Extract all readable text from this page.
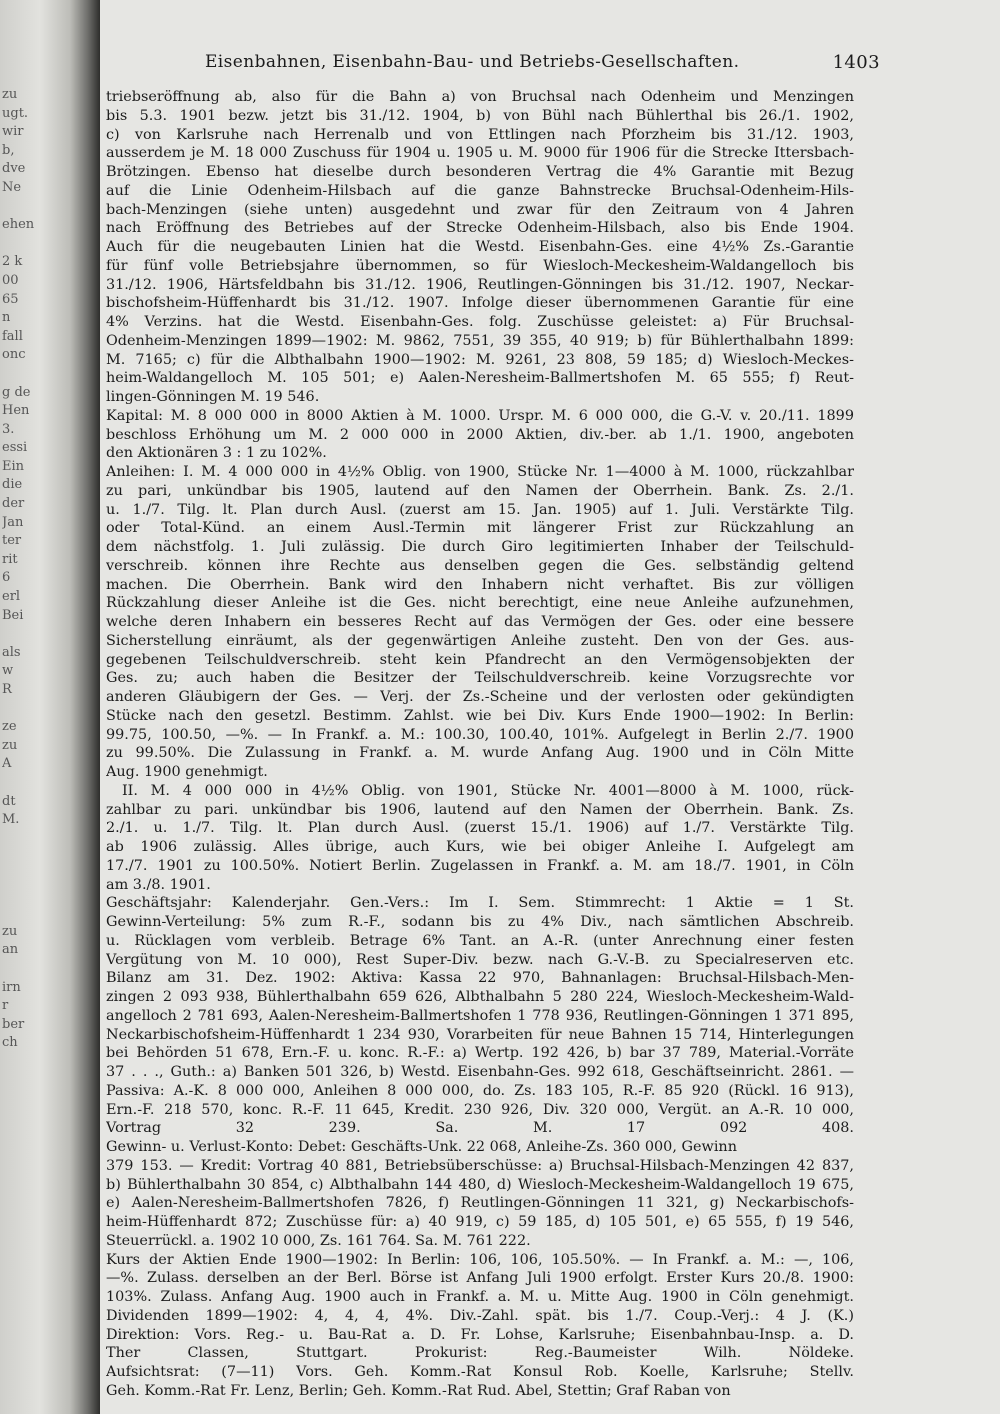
zu
ugt.
wir
b,
dve
Ne

ehen

2 k
00
65
n
fall
onc

g de
Hen
3.
essi
Ein
die
der
Jan
ter
rit
6
erl
Bei

als
w
R

ze
zu
A

dt
M.

zu
an

irn
r
ber
ch
Eisenbahnen, Eisenbahn-Bau- und Betriebs-Gesellschaften.	1403
triebseröffnung ab, also für die Bahn a) von Bruchsal nach Odenheim und Menzingen
bis 5.3. 1901 bezw. jetzt bis 31./12. 1904, b) von Bühl nach Bühlerthal bis 26./1. 1902,
c) von Karlsruhe nach Herrenalb und von Ettlingen nach Pforzheim bis 31./12. 1903,
ausserdem je M. 18 000 Zuschuss für 1904 u. 1905 u. M. 9000 für 1906 für die Strecke Ittersbach-
Brötzingen. Ebenso hat dieselbe durch besonderen Vertrag die 4% Garantie mit Bezug
auf die Linie Odenheim-Hilsbach auf die ganze Bahnstrecke Bruchsal-Odenheim-Hils-
bach-Menzingen (siehe unten) ausgedehnt und zwar für den Zeitraum von 4 Jahren
nach Eröffnung des Betriebes auf der Strecke Odenheim-Hilsbach, also bis Ende 1904.
Auch für die neugebauten Linien hat die Westd. Eisenbahn-Ges. eine 4½% Zs.-Garantie
für fünf volle Betriebsjahre übernommen, so für Wiesloch-Meckesheim-Waldangelloch bis
31./12. 1906, Härtsfeldbahn bis 31./12. 1906, Reutlingen-Gönningen bis 31./12. 1907, Neckar-
bischofsheim-Hüffenhardt bis 31./12. 1907. Infolge dieser übernommenen Garantie für eine
4% Verzins. hat die Westd. Eisenbahn-Ges. folg. Zuschüsse geleistet: a) Für Bruchsal-
Odenheim-Menzingen 1899—1902: M. 9862, 7551, 39 355, 40 919; b) für Bühlerthalbahn 1899:
M. 7165; c) für die Albthalbahn 1900—1902: M. 9261, 23 808, 59 185; d) Wiesloch-Meckes-
heim-Waldangelloch M. 105 501; e) Aalen-Neresheim-Ballmertshofen M. 65 555; f) Reut-
lingen-Gönningen M. 19 546.
Kapital: M. 8 000 000 in 8000 Aktien à M. 1000. Urspr. M. 6 000 000, die G.-V. v. 20./11. 1899
beschloss Erhöhung um M. 2 000 000 in 2000 Aktien, div.-ber. ab 1./1. 1900, angeboten
den Aktionären 3 : 1 zu 102%.
Anleihen: I. M. 4 000 000 in 4½% Oblig. von 1900, Stücke Nr. 1—4000 à M. 1000, rückzahlbar
zu pari, unkündbar bis 1905, lautend auf den Namen der Oberrhein. Bank. Zs. 2./1.
u. 1./7. Tilg. lt. Plan durch Ausl. (zuerst am 15. Jan. 1905) auf 1. Juli. Verstärkte Tilg.
oder Total-Künd. an einem Ausl.-Termin mit längerer Frist zur Rückzahlung an
dem nächstfolg. 1. Juli zulässig. Die durch Giro legitimierten Inhaber der Teilschuld-
verschreib. können ihre Rechte aus denselben gegen die Ges. selbständig geltend
machen. Die Oberrhein. Bank wird den Inhabern nicht verhaftet. Bis zur völligen
Rückzahlung dieser Anleihe ist die Ges. nicht berechtigt, eine neue Anleihe aufzunehmen,
welche deren Inhabern ein besseres Recht auf das Vermögen der Ges. oder eine bessere
Sicherstellung einräumt, als der gegenwärtigen Anleihe zusteht. Den von der Ges. aus-
gegebenen Teilschuldverschreib. steht kein Pfandrecht an den Vermögensobjekten der
Ges. zu; auch haben die Besitzer der Teilschuldverschreib. keine Vorzugsrechte vor
anderen Gläubigern der Ges. — Verj. der Zs.-Scheine und der verlosten oder gekündigten
Stücke nach den gesetzl. Bestimm. Zahlst. wie bei Div. Kurs Ende 1900—1902: In Berlin:
99.75, 100.50, —%. — In Frankf. a. M.: 100.30, 100.40, 101%. Aufgelegt in Berlin 2./7. 1900
zu 99.50%. Die Zulassung in Frankf. a. M. wurde Anfang Aug. 1900 und in Cöln Mitte
Aug. 1900 genehmigt.
II. M. 4 000 000 in 4½% Oblig. von 1901, Stücke Nr. 4001—8000 à M. 1000, rück-
zahlbar zu pari. unkündbar bis 1906, lautend auf den Namen der Oberrhein. Bank. Zs.
2./1. u. 1./7. Tilg. lt. Plan durch Ausl. (zuerst 15./1. 1906) auf 1./7. Verstärkte Tilg.
ab 1906 zulässig. Alles übrige, auch Kurs, wie bei obiger Anleihe I. Aufgelegt am
17./7. 1901 zu 100.50%. Notiert Berlin. Zugelassen in Frankf. a. M. am 18./7. 1901, in Cöln
am 3./8. 1901.
Geschäftsjahr: Kalenderjahr. Gen.-Vers.: Im I. Sem. Stimmrecht: 1 Aktie = 1 St.
Gewinn-Verteilung: 5% zum R.-F., sodann bis zu 4% Div., nach sämtlichen Abschreib.
u. Rücklagen vom verbleib. Betrage 6% Tant. an A.-R. (unter Anrechnung einer festen
Vergütung von M. 10 000), Rest Super-Div. bezw. nach G.-V.-B. zu Specialreserven etc.
Bilanz am 31. Dez. 1902: Aktiva: Kassa 22 970, Bahnanlagen: Bruchsal-Hilsbach-Men-
zingen 2 093 938, Bühlerthalbahn 659 626, Albthalbahn 5 280 224, Wiesloch-Meckesheim-Wald-
angelloch 2 781 693, Aalen-Neresheim-Ballmertshofen 1 778 936, Reutlingen-Gönningen 1 371 895,
Neckarbischofsheim-Hüffenhardt 1 234 930, Vorarbeiten für neue Bahnen 15 714, Hinterlegungen
bei Behörden 51 678, Ern.-F. u. konc. R.-F.: a) Wertp. 192 426, b) bar 37 789, Material.-Vorräte
37 . . ., Guth.: a) Banken 501 326, b) Westd. Eisenbahn-Ges. 992 618, Geschäftseinricht. 2861. —
Passiva: A.-K. 8 000 000, Anleihen 8 000 000, do. Zs. 183 105, R.-F. 85 920 (Rückl. 16 913),
Ern.-F. 218 570, konc. R.-F. 11 645, Kredit. 230 926, Div. 320 000, Vergüt. an A.-R. 10 000,
Vortrag 32 239. Sa. M. 17 092 408.
Gewinn- u. Verlust-Konto: Debet: Geschäfts-Unk. 22 068, Anleihe-Zs. 360 000, Gewinn
379 153. — Kredit: Vortrag 40 881, Betriebsüberschüsse: a) Bruchsal-Hilsbach-Menzingen 42 837,
b) Bühlerthalbahn 30 854, c) Albthalbahn 144 480, d) Wiesloch-Meckesheim-Waldangelloch 19 675,
e) Aalen-Neresheim-Ballmertshofen 7826, f) Reutlingen-Gönningen 11 321, g) Neckarbischofs-
heim-Hüffenhardt 872; Zuschüsse für: a) 40 919, c) 59 185, d) 105 501, e) 65 555, f) 19 546,
Steuerrückl. a. 1902 10 000, Zs. 161 764. Sa. M. 761 222.
Kurs der Aktien Ende 1900—1902: In Berlin: 106, 106, 105.50%. — In Frankf. a. M.: —, 106,
—%. Zulass. derselben an der Berl. Börse ist Anfang Juli 1900 erfolgt. Erster Kurs 20./8. 1900:
103%. Zulass. Anfang Aug. 1900 auch in Frankf. a. M. u. Mitte Aug. 1900 in Cöln genehmigt.
Dividenden 1899—1902: 4, 4, 4, 4%. Div.-Zahl. spät. bis 1./7. Coup.-Verj.: 4 J. (K.)
Direktion: Vors. Reg.- u. Bau-Rat a. D. Fr. Lohse, Karlsruhe; Eisenbahnbau-Insp. a. D.
Ther Classen, Stuttgart. Prokurist: Reg.-Baumeister Wilh. Nöldeke.
Aufsichtsrat: (7—11) Vors. Geh. Komm.-Rat Konsul Rob. Koelle, Karlsruhe; Stellv.
Geh. Komm.-Rat Fr. Lenz, Berlin; Geh. Komm.-Rat Rud. Abel, Stettin; Graf Raban von
